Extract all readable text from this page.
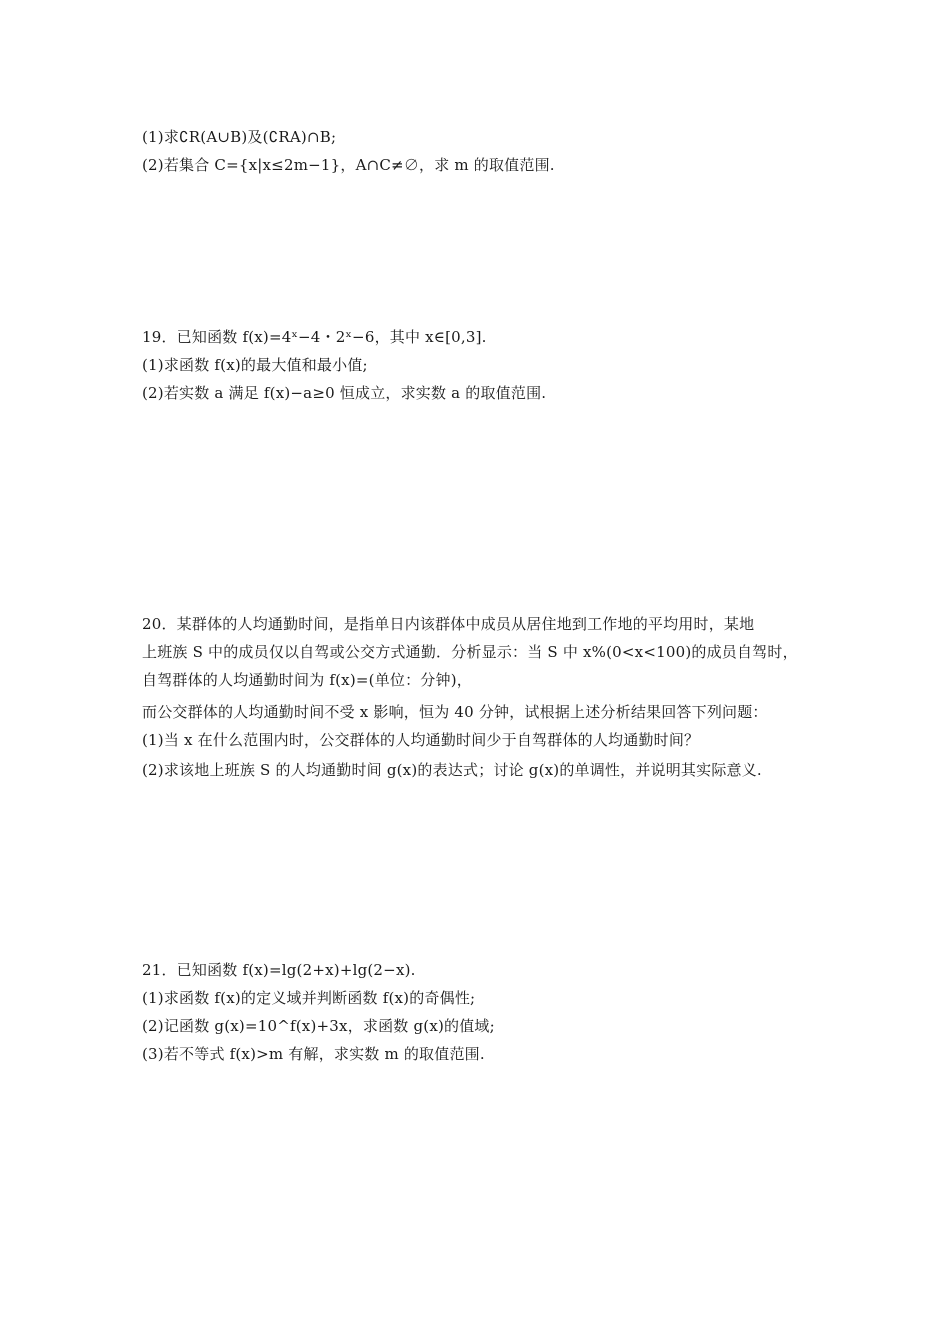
(1)求∁R(A∪B)及(∁RA)∩B;
(2)若集合 C={x|x≤2m−1}，A∩C≠∅，求 m 的取值范围.
19．已知函数 f(x)=4ˣ−4・2ˣ−6，其中 x∈[0,3].
(1)求函数 f(x)的最大值和最小值;
(2)若实数 a 满足 f(x)−a≥0 恒成立，求实数 a 的取值范围.
20．某群体的人均通勤时间，是指单日内该群体中成员从居住地到工作地的平均用时，某地
上班族 S 中的成员仅以自驾或公交方式通勤．分析显示：当 S 中 x%(0<x<100)的成员自驾时，
自驾群体的人均通勤时间为 f(x)=(单位：分钟)，
而公交群体的人均通勤时间不受 x 影响，恒为 40 分钟，试根据上述分析结果回答下列问题：
(1)当 x 在什么范围内时，公交群体的人均通勤时间少于自驾群体的人均通勤时间？
(2)求该地上班族 S 的人均通勤时间 g(x)的表达式；讨论 g(x)的单调性，并说明其实际意义.
21．已知函数 f(x)=lg(2+x)+lg(2−x).
(1)求函数 f(x)的定义域并判断函数 f(x)的奇偶性;
(2)记函数 g(x)=10^f(x)+3x，求函数 g(x)的值域;
(3)若不等式 f(x)>m 有解，求实数 m 的取值范围.
